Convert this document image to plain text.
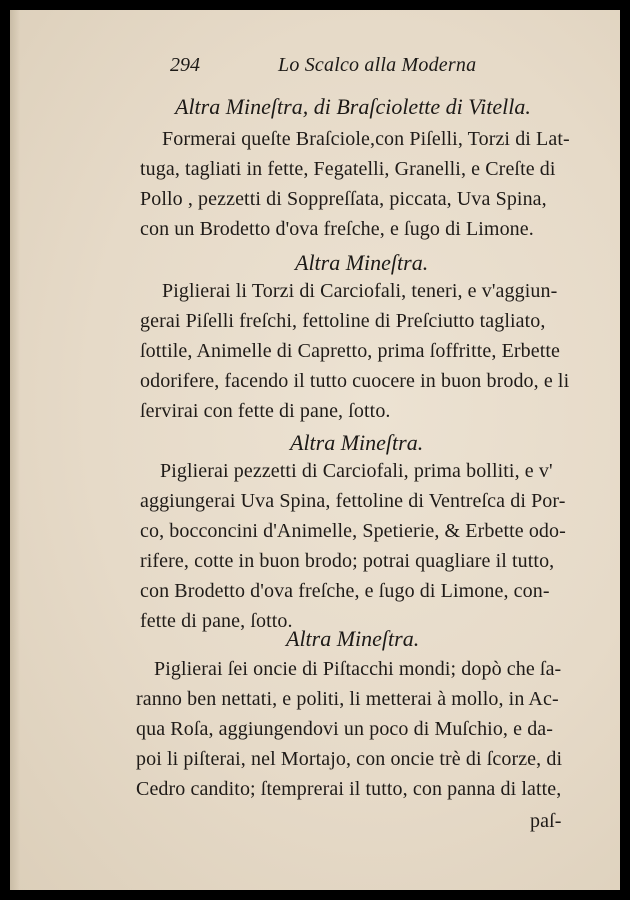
294	Lo Scalco alla Moderna
Altra Mineſtra, di Braſciolette di Vitella.
Formerai queſte Braſciole,con Piſelli, Torzi di Lat-
tuga, tagliati in fette, Fegatelli, Granelli, e Creſte di
Pollo , pezzetti di Soppreſſata, piccata, Uva Spina,
con un Brodetto d'ova freſche, e ſugo di Limone.
Altra Mineſtra.
Piglierai li Torzi di Carciofali, teneri, e v'aggiun-
gerai Piſelli freſchi, fettoline di Preſciutto tagliato,
ſottile, Animelle di Capretto, prima ſoffritte, Erbette
odorifere, facendo il tutto cuocere in buon brodo, e li
ſervirai con fette di pane, ſotto.
Altra Mineſtra.
Piglierai pezzetti di Carciofali, prima bolliti, e v'
aggiungerai Uva Spina, fettoline di Ventreſca di Por-
co, bocconcini d'Animelle, Spetierie, & Erbette odo-
rifere, cotte in buon brodo; potrai quagliare il tutto,
con Brodetto d'ova freſche, e ſugo di Limone, con-
fette di pane, ſotto.
Altra Mineſtra.
Piglierai ſei oncie di Piſtacchi mondi; dopò che ſa-
ranno ben nettati, e politi, li metterai à mollo, in Ac-
qua Roſa, aggiungendovi un poco di Muſchio, e da-
poi li piſterai, nel Mortajo, con oncie trè di ſcorze, di
Cedro candito; ſtemprerai il tutto, con panna di latte,
paſ-
